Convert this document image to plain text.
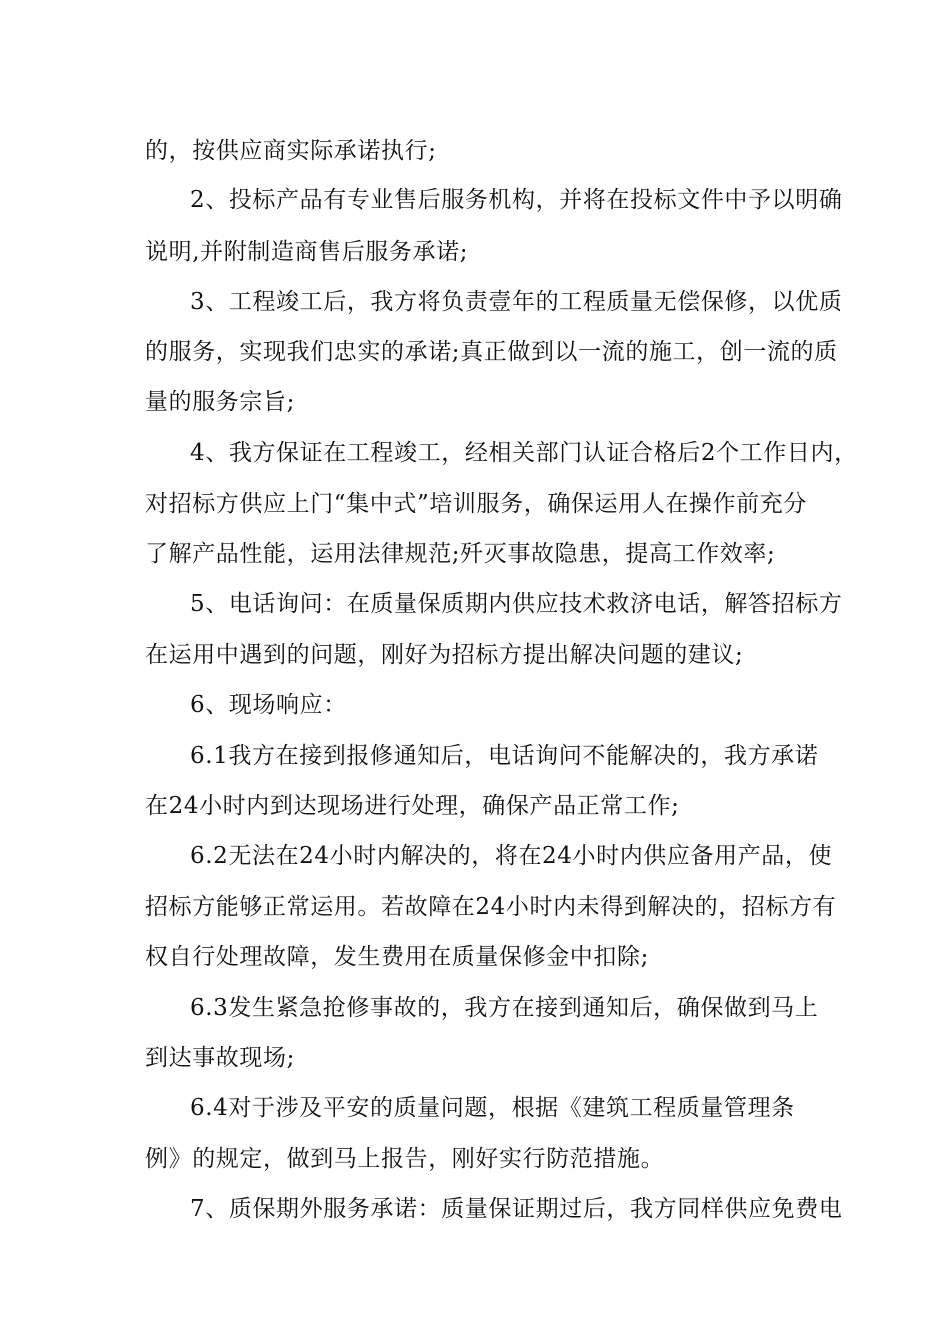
的，按供应商实际承诺执行;
2、投标产品有专业售后服务机构，并将在投标文件中予以明确
说明,并附制造商售后服务承诺;
3、工程竣工后，我方将负责壹年的工程质量无偿保修，以优质
的服务，实现我们忠实的承诺;真正做到以一流的施工，创一流的质
量的服务宗旨;
4、我方保证在工程竣工，经相关部门认证合格后2个工作日内，
对招标方供应上门“集中式”培训服务，确保运用人在操作前充分
了解产品性能，运用法律规范;歼灭事故隐患，提高工作效率;
5、电话询问：在质量保质期内供应技术救济电话，解答招标方
在运用中遇到的问题，刚好为招标方提出解决问题的建议;
6、现场响应：
6.1我方在接到报修通知后，电话询问不能解决的，我方承诺
在24小时内到达现场进行处理，确保产品正常工作;
6.2无法在24小时内解决的，将在24小时内供应备用产品，使
招标方能够正常运用。若故障在24小时内未得到解决的，招标方有
权自行处理故障，发生费用在质量保修金中扣除;
6.3发生紧急抢修事故的，我方在接到通知后，确保做到马上
到达事故现场;
6.4对于涉及平安的质量问题，根据《建筑工程质量管理条
例》的规定，做到马上报告，刚好实行防范措施。
7、质保期外服务承诺：质量保证期过后，我方同样供应免费电
